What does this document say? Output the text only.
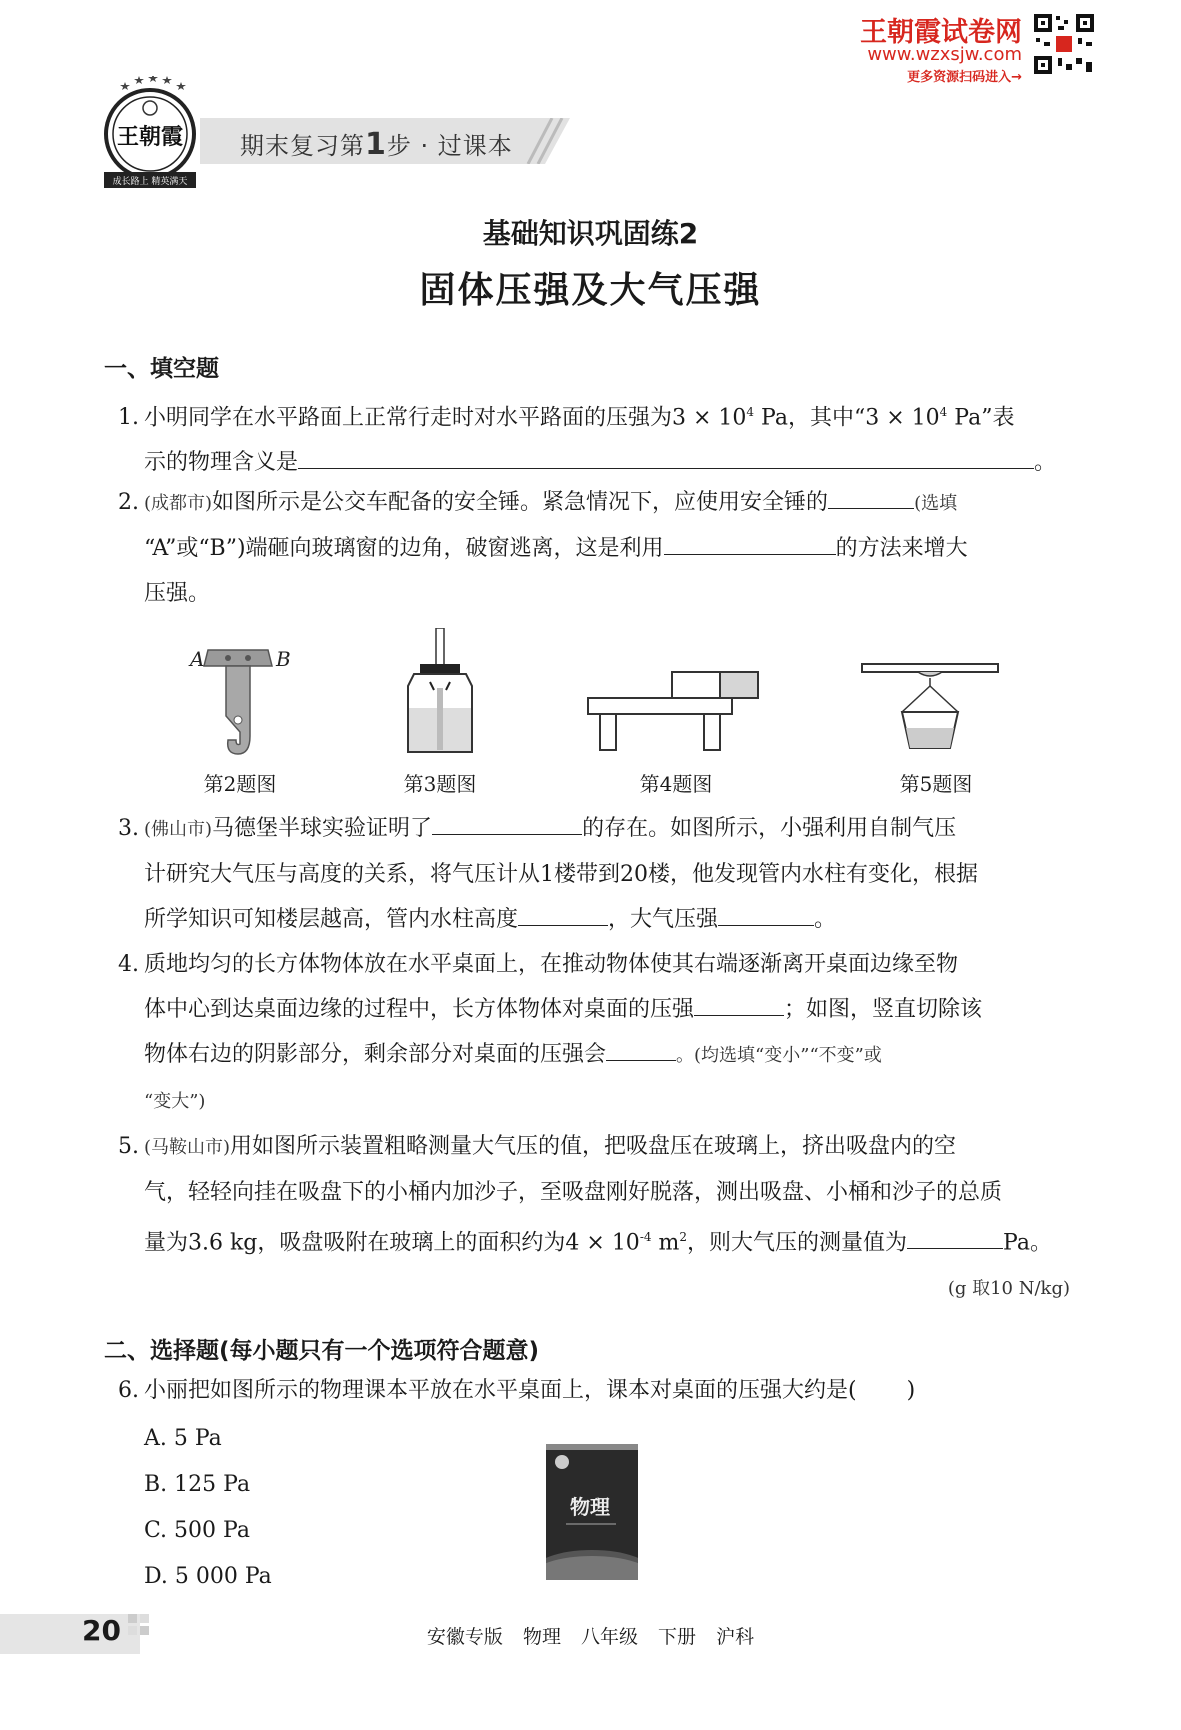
王朝霞试卷网
www.wzxsjw.com
更多资源扫码进入→
王朝霞
成长路上 精英满天
期末复习第1步 · 过课本
基础知识巩固练2
固体压强及大气压强
一、填空题
1. 小明同学在水平路面上正常行走时对水平路面的压强为$3 \times 10^4$ Pa，其中“$3 \times 10^4$ Pa”表
示的物理含义是	。
2. (成都市)如图所示是公交车配备的安全锤。紧急情况下，应使用安全锤的	(选填
“A”或“B”)端砸向玻璃窗的边角，破窗逃离，这是利用	的方法来增大
压强。
A	B
第2题图	第3题图	第4题图	第5题图
3. (佛山市)马德堡半球实验证明了	的存在。如图所示，小强利用自制气压
计研究大气压与高度的关系，将气压计从1楼带到20楼，他发现管内水柱有变化，根据
所学知识可知楼层越高，管内水柱高度	，大气压强	。
4. 质地均匀的长方体物体放在水平桌面上，在推动物体使其右端逐渐离开桌面边缘至物
体中心到达桌面边缘的过程中，长方体物体对桌面的压强	；如图，竖直切除该
物体右边的阴影部分，剩余部分对桌面的压强会	。(均选填“变小”“不变”或
“变大”)
5. (马鞍山市)用如图所示装置粗略测量大气压的值，把吸盘压在玻璃上，挤出吸盘内的空
气，轻轻向挂在吸盘下的小桶内加沙子，至吸盘刚好脱落，测出吸盘、小桶和沙子的总质
量为3.6 kg，吸盘吸附在玻璃上的面积约为$4 \times 10^{-4}$ $m^2$，则大气压的测量值为	Pa。
(g 取10 N/kg)
二、选择题(每小题只有一个选项符合题意)
6. 小丽把如图所示的物理课本平放在水平桌面上，课本对桌面的压强大约是( )
A. 5 Pa
B. 125 Pa
C. 500 Pa
D. 5 000 Pa
物理
20	安徽专版 物理 八年级 下册 沪科
